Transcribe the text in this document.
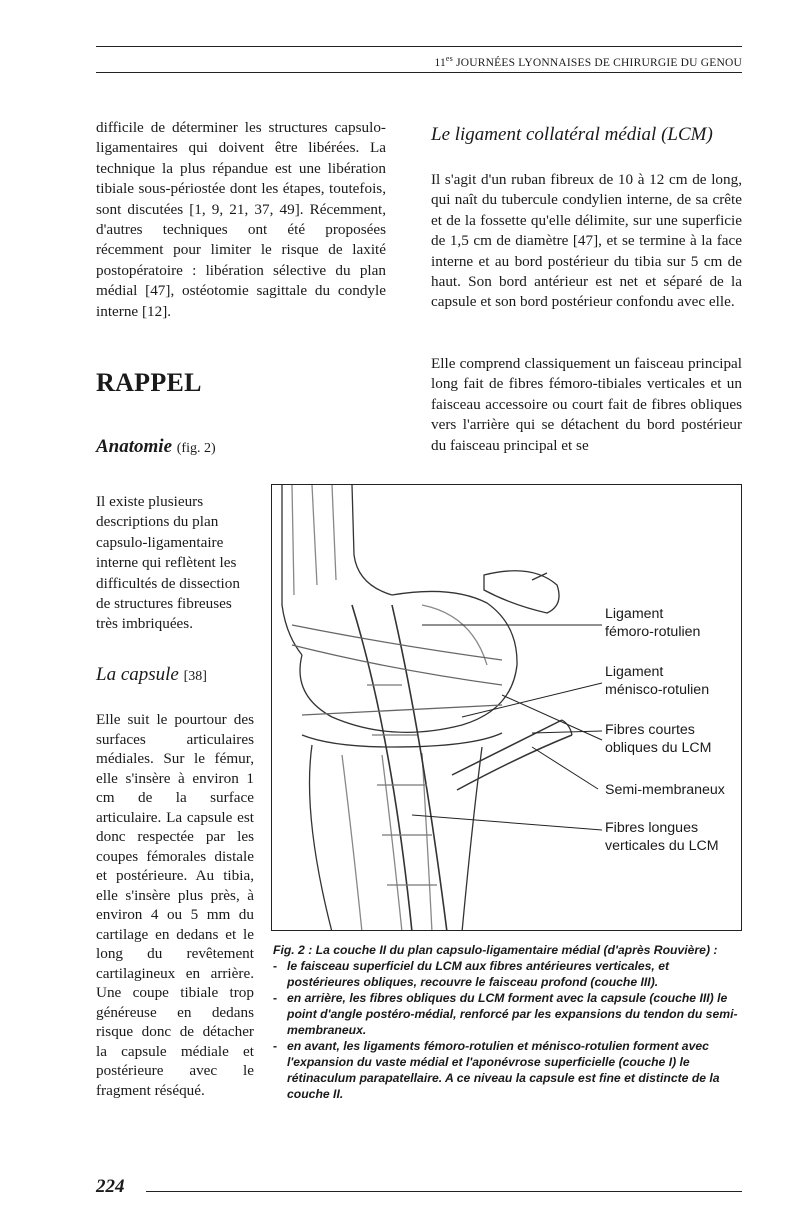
$11^{es}$ JOURNÉES LYONNAISES DE CHIRURGIE DU GENOU

difficile de déterminer les structures capsulo-ligamentaires qui doivent être libérées. La technique la plus répandue est une libération tibiale sous-périostée dont les étapes, toutefois, sont discutées [1, 9, 21, 37, 49]. Récemment, d'autres techniques ont été proposées récemment pour limiter le risque de laxité postopératoire : libération sélective du plan médial [47], ostéotomie sagittale du condyle interne [12].

RAPPEL
Anatomie (fig. 2)

Il existe plusieurs descriptions du plan capsulo-ligamentaire interne qui reflètent les difficultés de dissection de structures fibreuses très imbriquées.

La capsule [38]

Elle suit le pourtour des surfaces articulaires médiales. Sur le fémur, elle s'insère à environ 1 cm de la surface articulaire. La capsule est donc respectée par les coupes fémorales distale et postérieure. Au tibia, elle s'insère plus près, à environ 4 ou 5 mm du cartilage en dedans et le long du revêtement cartilagineux en arrière. Une coupe tibiale trop généreuse en dedans risque donc de détacher la capsule médiale et postérieure avec le fragment réséqué.

Le ligament collatéral médial (LCM)

Il s'agit d'un ruban fibreux de 10 à 12 cm de long, qui naît du tubercule condylien interne, de sa crête et de la fossette qu'elle délimite, sur une superficie de 1,5 cm de diamètre [47], et se termine à la face interne et au bord postérieur du tibia sur 5 cm de haut. Son bord antérieur est net et séparé de la capsule et son bord postérieur confondu avec elle.

Elle comprend classiquement un faisceau principal long fait de fibres fémoro-tibiales verticales et un faisceau accessoire ou court fait de fibres obliques vers l'arrière qui se détachent du bord postérieur du faisceau principal et se

Ligament
fémoro-rotulien
Ligament
ménisco-rotulien
Fibres courtes
obliques du LCM
Semi-membraneux
Fibres longues
verticales du LCM
Fig. 2 : La couche II du plan capsulo-ligamentaire médial (d'après Rouvière) :
- le faisceau superficiel du LCM aux fibres antérieures verticales, et postérieures obliques, recouvre le faisceau profond (couche III).
- en arrière, les fibres obliques du LCM forment avec la capsule (couche III) le point d'angle postéro-médial, renforcé par les expansions du tendon du semi-membraneux.
- en avant, les ligaments fémoro-rotulien et ménisco-rotulien forment avec l'expansion du vaste médial et l'aponévrose superficielle (couche I) le rétinaculum parapatellaire. A ce niveau la capsule est fine et distincte de la couche II.
224
